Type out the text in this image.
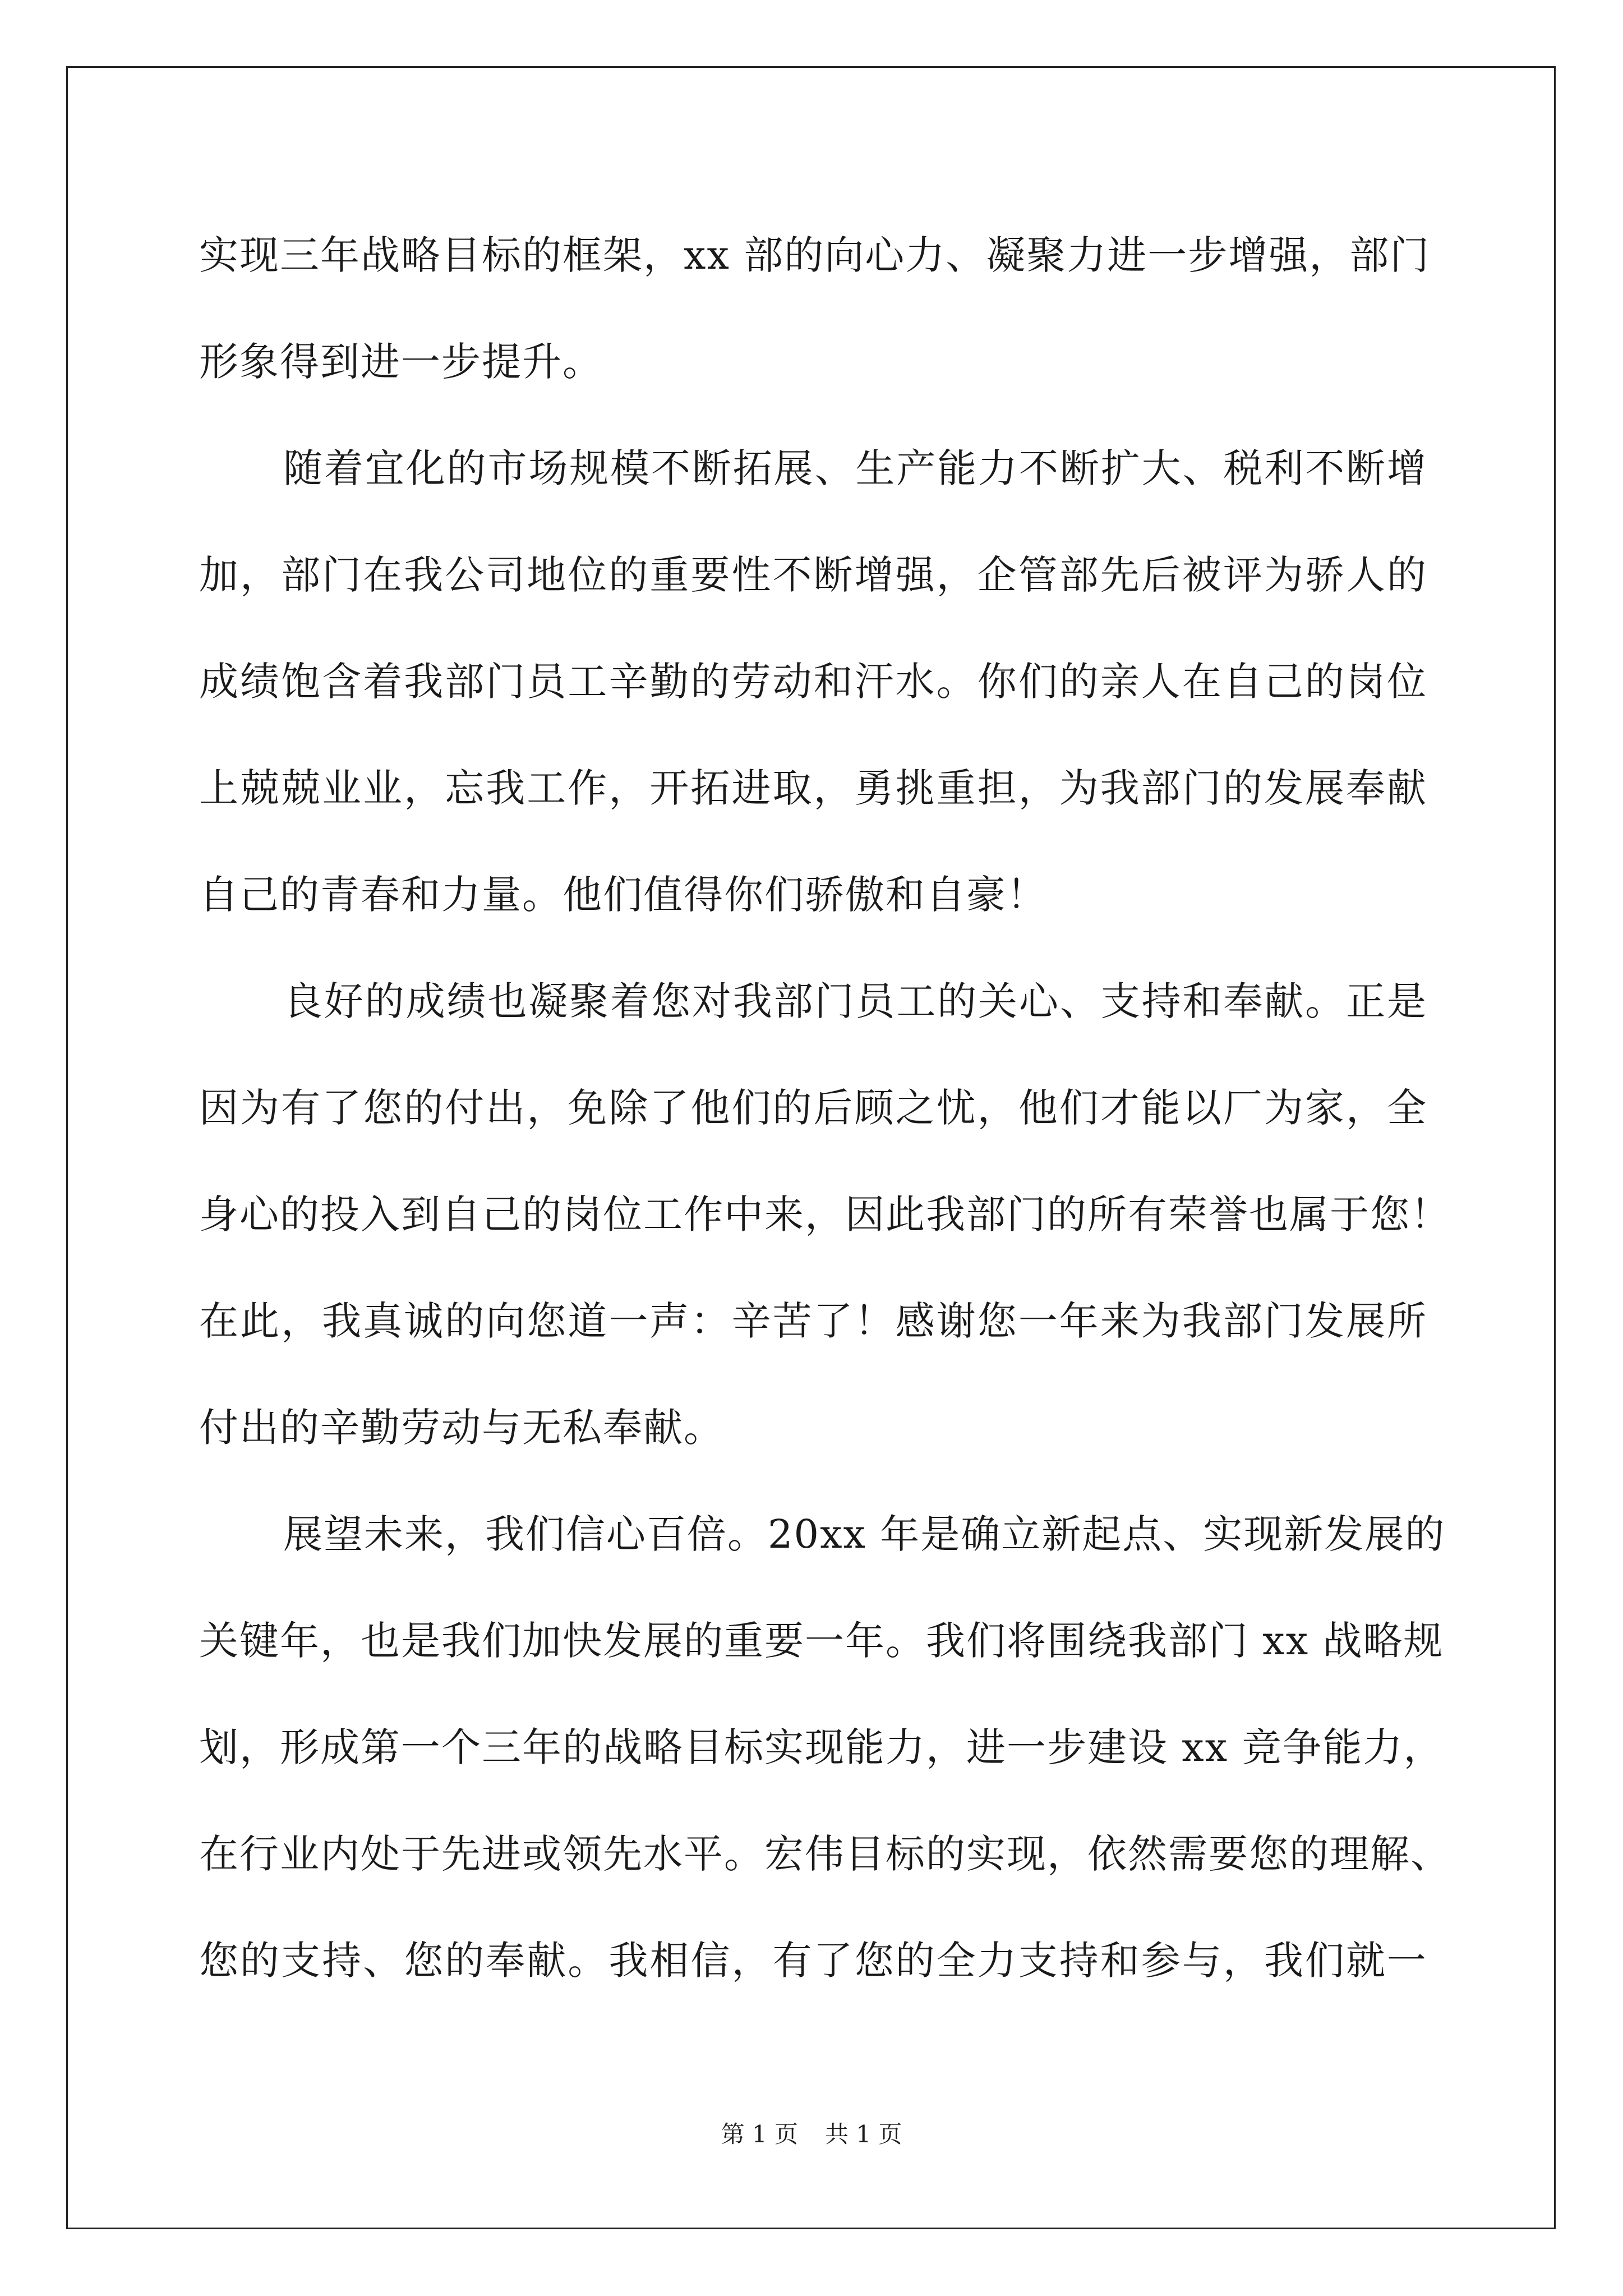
实现三年战略目标的框架，xx 部的向心力、凝聚力进一步增强，部门
形象得到进一步提升。
随着宜化的市场规模不断拓展、生产能力不断扩大、税利不断增
加，部门在我公司地位的重要性不断增强，企管部先后被评为骄人的
成绩饱含着我部门员工辛勤的劳动和汗水。你们的亲人在自己的岗位
上兢兢业业，忘我工作，开拓进取，勇挑重担，为我部门的发展奉献
自己的青春和力量。他们值得你们骄傲和自豪！
良好的成绩也凝聚着您对我部门员工的关心、支持和奉献。正是
因为有了您的付出，免除了他们的后顾之忧，他们才能以厂为家，全
身心的投入到自己的岗位工作中来，因此我部门的所有荣誉也属于您！
在此，我真诚的向您道一声：辛苦了！感谢您一年来为我部门发展所
付出的辛勤劳动与无私奉献。
展望未来，我们信心百倍。20xx 年是确立新起点、实现新发展的
关键年，也是我们加快发展的重要一年。我们将围绕我部门 xx 战略规
划，形成第一个三年的战略目标实现能力，进一步建设 xx 竞争能力，
在行业内处于先进或领先水平。宏伟目标的实现，依然需要您的理解、
您的支持、您的奉献。我相信，有了您的全力支持和参与，我们就一
第 1 页 共 1 页
